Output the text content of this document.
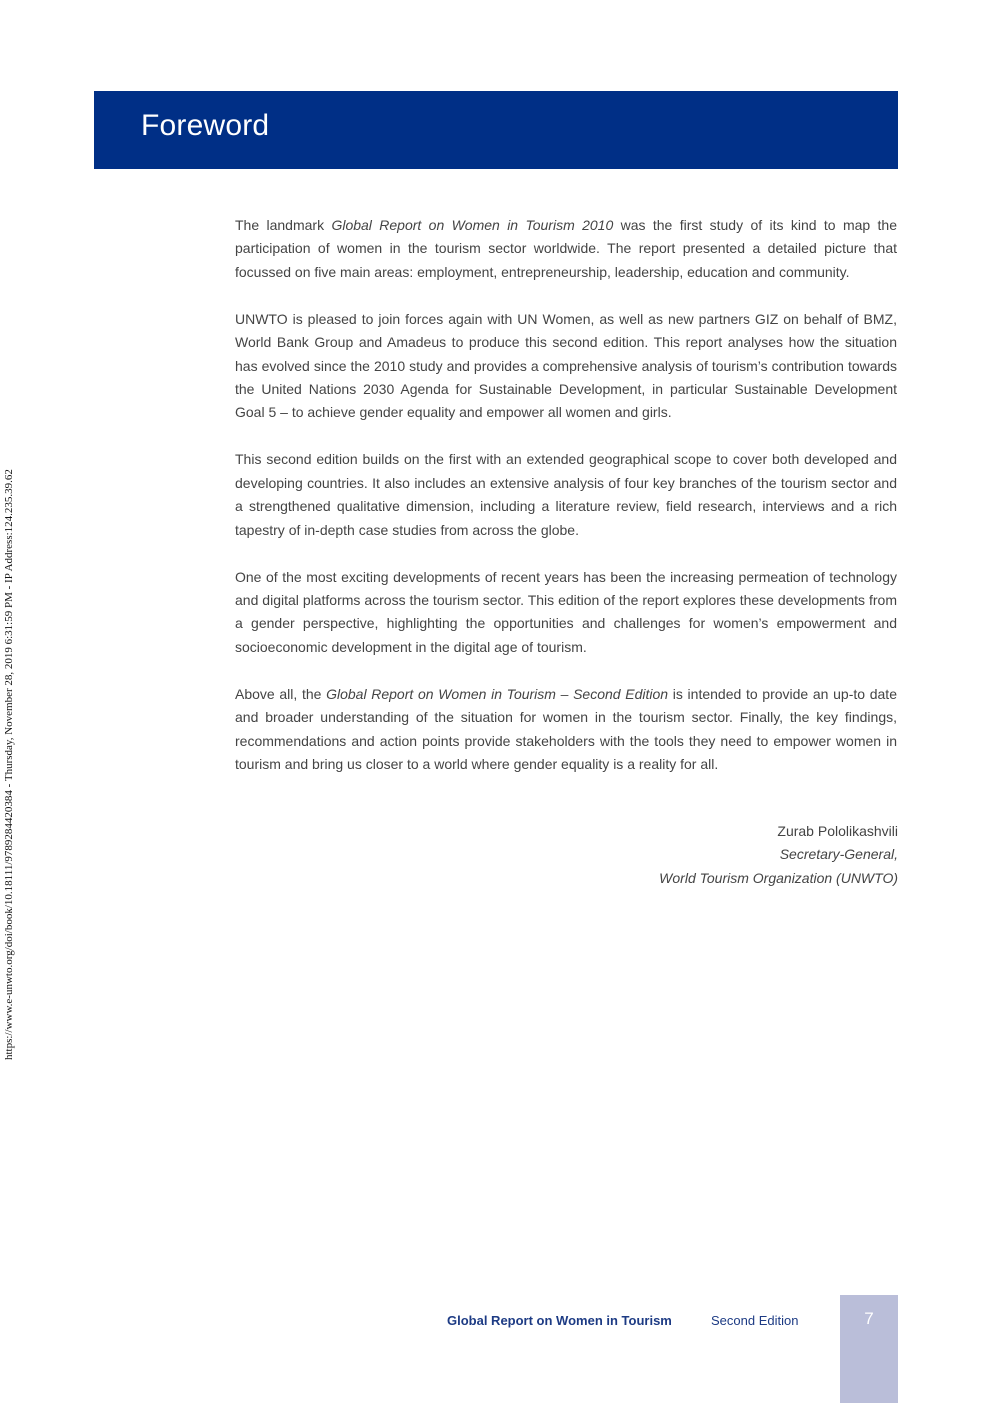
Foreword
https://www.e-unwto.org/doi/book/10.18111/9789284420384 - Thursday, November 28, 2019 6:31:59 PM - IP Address:124.235.39.62

The landmark Global Report on Women in Tourism 2010 was the first study of its kind to map the participation of women in the tourism sector worldwide. The report presented a detailed picture that focussed on five main areas: employment, entrepreneurship, leadership, education and community.

UNWTO is pleased to join forces again with UN Women, as well as new partners GIZ on behalf of BMZ, World Bank Group and Amadeus to produce this second edition. This report analyses how the situation has evolved since the 2010 study and provides a comprehensive analysis of tourism’s contribution towards the United Nations 2030 Agenda for Sustainable Development, in particular Sustainable Development Goal 5 – to achieve gender equality and empower all women and girls.

This second edition builds on the first with an extended geographical scope to cover both developed and developing countries. It also includes an extensive analysis of four key branches of the tourism sector and a strengthened qualitative dimension, including a literature review, field research, interviews and a rich tapestry of in-depth case studies from across the globe.

One of the most exciting developments of recent years has been the increasing permeation of technology and digital platforms across the tourism sector. This edition of the report explores these developments from a gender perspective, highlighting the opportunities and challenges for women’s empowerment and socioeconomic development in the digital age of tourism.

Above all, the Global Report on Women in Tourism – Second Edition is intended to provide an up-to date and broader understanding of the situation for women in the tourism sector. Finally, the key findings, recommendations and action points provide stakeholders with the tools they need to empower women in tourism and bring us closer to a world where gender equality is a reality for all.

Zurab Pololikashvili
Secretary-General,
World Tourism Organization (UNWTO)
Global Report on Women in Tourism	Second Edition	7
